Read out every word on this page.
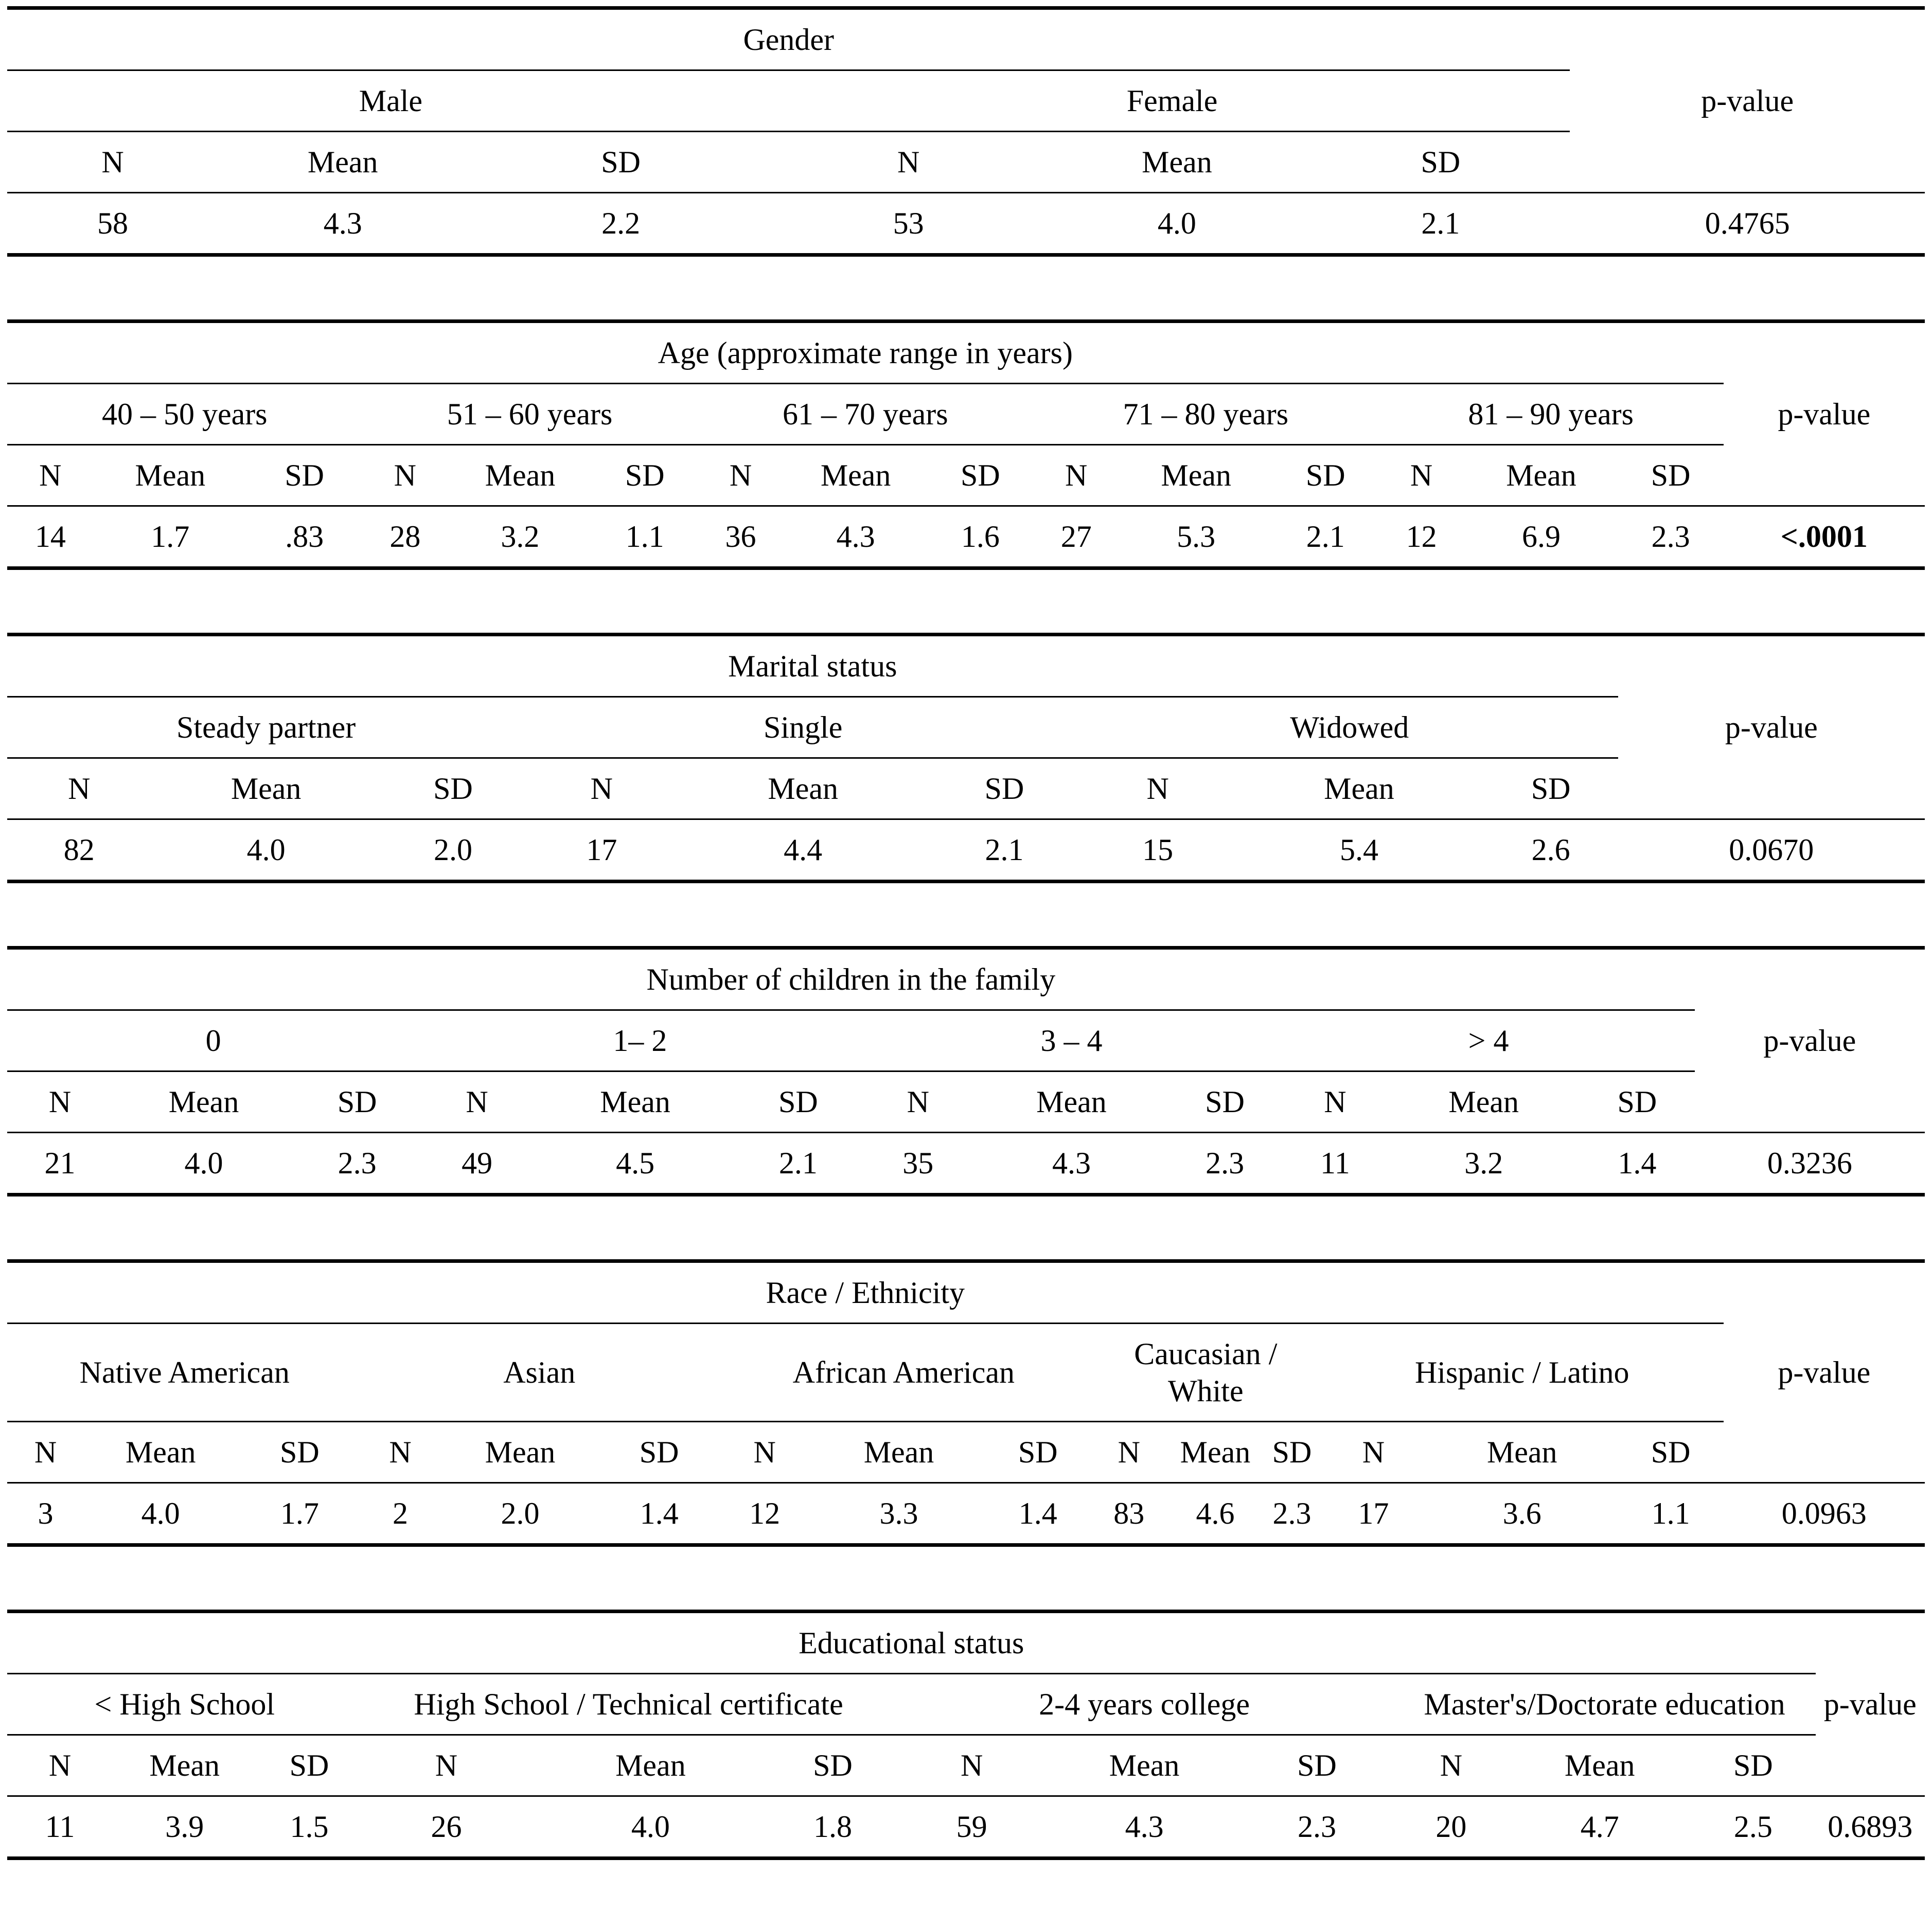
Gender						p-value
Male			Female			
N	Mean	SD	N	Mean	SD	
58	4.3	2.2	53	4.0	2.1	0.4765
Age (approximate range in years)															p-value
40 – 50 years			51 – 60 years			61 – 70 years			71 – 80 years			81 – 90 years			
N	Mean	SD	N	Mean	SD	N	Mean	SD	N	Mean	SD	N	Mean	SD	
14	1.7	.83	28	3.2	1.1	36	4.3	1.6	27	5.3	2.1	12	6.9	2.3	<.0001
Marital status									p-value
Steady partner			Single			Widowed			
N	Mean	SD	N	Mean	SD	N	Mean	SD	
82	4.0	2.0	17	4.4	2.1	15	5.4	2.6	0.0670
Number of children in the family												p-value
0			1– 2			3 – 4			> 4			
N	Mean	SD	N	Mean	SD	N	Mean	SD	N	Mean	SD	
21	4.0	2.3	49	4.5	2.1	35	4.3	2.3	11	3.2	1.4	0.3236
Race / Ethnicity															p-value
Native American			Asian			African American			Caucasian / White			Hispanic / Latino			
N	Mean	SD	N	Mean	SD	N	Mean	SD	N	Mean	SD	N	Mean	SD	
3	4.0	1.7	2	2.0	1.4	12	3.3	1.4	83	4.6	2.3	17	3.6	1.1	0.0963
Educational status												p-value
< High School			High School / Technical certificate			2-4 years college			Master's/Doctorate education			
N	Mean	SD	N	Mean	SD	N	Mean	SD	N	Mean	SD	
11	3.9	1.5	26	4.0	1.8	59	4.3	2.3	20	4.7	2.5	0.6893
